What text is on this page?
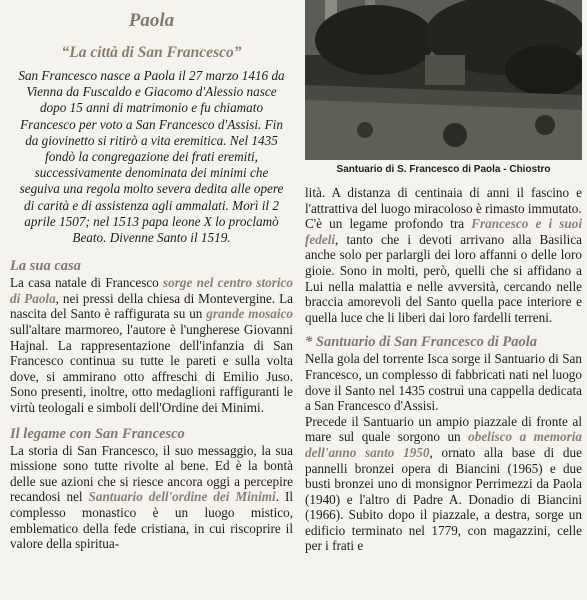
Paola
“La città di San Francesco”
San Francesco nasce a Paola il 27 marzo 1416 da Vienna da Fuscaldo e Giacomo d'Alessio nasce dopo 15 anni di matrimonio e fu chiamato Francesco per voto a San Francesco d'Assisi. Fin da giovinetto si ritirò a vita eremitica. Nel 1435 fondò la congregazione dei frati eremiti, successivamente denominata dei minimi che seguiva una regola molto severa dedita alle opere di carità e di assistenza agli ammalati. Morì il 2 aprile 1507; nel 1513 papa leone X lo proclamò Beato. Divenne Santo il 1519.
La sua casa

La casa natale di Francesco sorge nel centro storico di Paola, nei pressi della chiesa di Montevergine. La nascita del Santo è raffigurata su un grande mosaico sull'altare marmoreo, l'autore è l'ungherese Giovanni Hajnal. La rappresentazione dell'infanzia di San Francesco continua su tutte le pareti e sulla volta dove, si ammirano otto affreschi di Emilio Juso. Sono presenti, inoltre, otto medaglioni raffiguranti le virtù teologali e simboli dell'Ordine dei Minimi.

Il legame con San Francesco

La storia di San Francesco, il suo messaggio, la sua missione sono tutte rivolte al bene. Ed è la bontà delle sue azioni che si riesce ancora oggi a percepire recandosi nel Santuario dell'ordine dei Minimi. Il complesso monastico è un luogo mistico, emblematico della fede cristiana, in cui riscoprire il valore della spiritua-

Santuario di S. Francesco di Paola - Chiostro

lità. A distanza di centinaia di anni il fascino e l'attrattiva del luogo miracoloso è rimasto immutato.

C'è un legame profondo tra Francesco e i suoi fedeli, tanto che i devoti arrivano alla Basilica anche solo per parlargli dei loro affanni o delle loro gioie. Sono in molti, però, quelli che si affidano a Lui nella malattia e nelle avversità, cercando nelle braccia amorevoli del Santo quella pace interiore e quella luce che li liberi dai loro fardelli terreni.

* Santuario di San Francesco di Paola

Nella gola del torrente Isca sorge il Santuario di San Francesco, un complesso di fabbricati nati nel luogo dove il Santo nel 1435 costruì una cappella dedicata a San Francesco d'Assisi.

Precede il Santuario un ampio piazzale di fronte al mare sul quale sorgono un obelisco a memoria dell'anno santo 1950, ornato alla base di due pannelli bronzei opera di Biancini (1965) e due busti bronzei uno di monsignor Perrimezzi da Paola (1940) e l'altro di Padre A. Donadio di Biancini (1966). Subito dopo il piazzale, a destra, sorge un edificio terminato nel 1779, con magazzini, celle per i frati e
